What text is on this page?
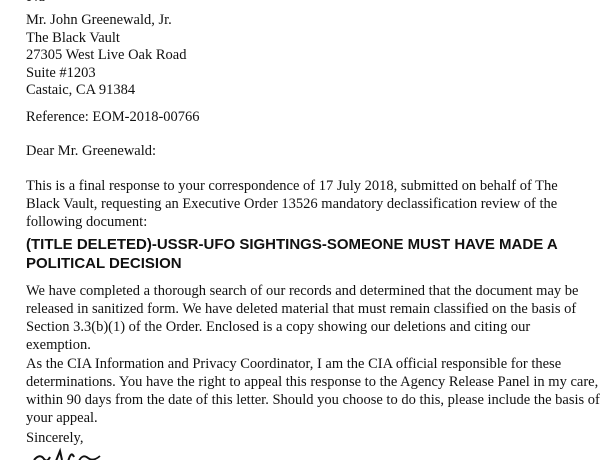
Mr. John Greenewald, Jr.
The Black Vault
27305 West Live Oak Road
Suite #1203
Castaic, CA 91384
Reference: EOM-2018-00766
Dear Mr. Greenewald:
This is a final response to your correspondence of 17 July 2018, submitted on behalf of The
Black Vault, requesting an Executive Order 13526 mandatory declassification review of the
following document:
(TITLE DELETED)-USSR-UFO SIGHTINGS-SOMEONE MUST HAVE MADE A
POLITICAL DECISION
We have completed a thorough search of our records and determined that the document may be
released in sanitized form. We have deleted material that must remain classified on the basis of
Section 3.3(b)(1) of the Order. Enclosed is a copy showing our deletions and citing our
exemption.
As the CIA Information and Privacy Coordinator, I am the CIA official responsible for these
determinations. You have the right to appeal this response to the Agency Release Panel in my care,
within 90 days from the date of this letter. Should you choose to do this, please include the basis of
your appeal.
Sincerely,
